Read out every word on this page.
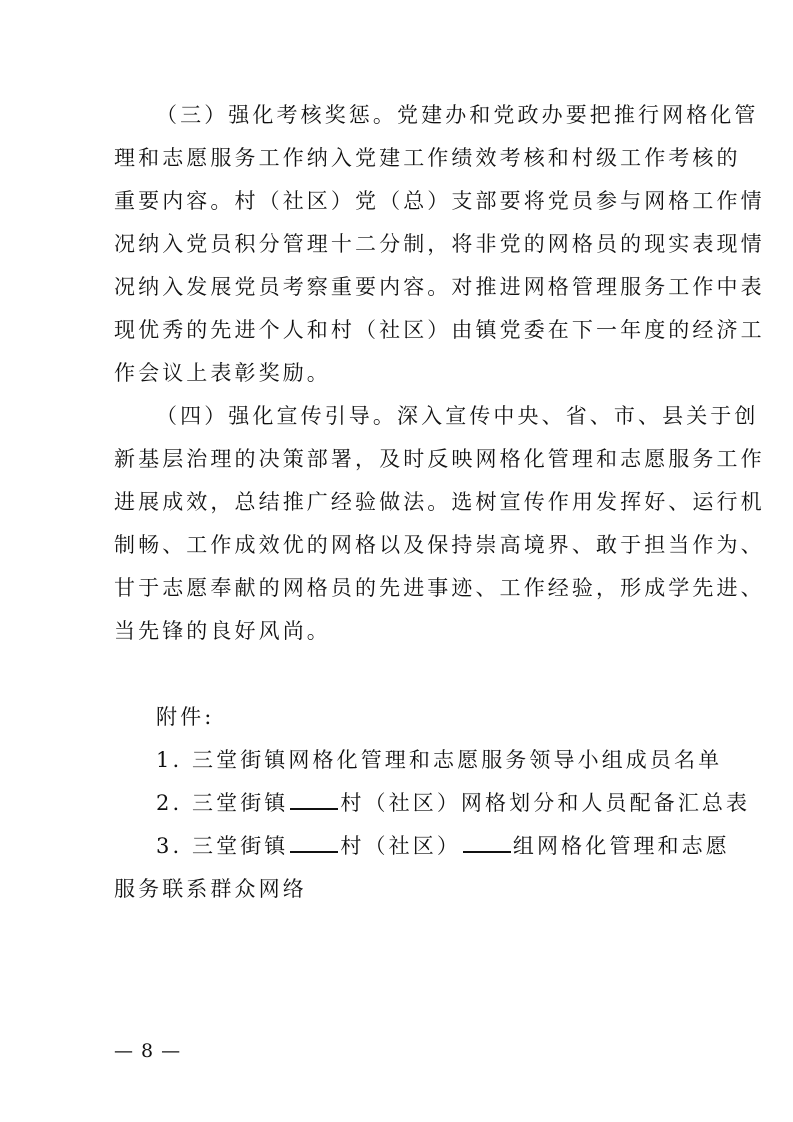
（三）强化考核奖惩。党建办和党政办要把推行网格化管
理和志愿服务工作纳入党建工作绩效考核和村级工作考核的
重要内容。村（社区）党（总）支部要将党员参与网格工作情
况纳入党员积分管理十二分制，将非党的网格员的现实表现情
况纳入发展党员考察重要内容。对推进网格管理服务工作中表
现优秀的先进个人和村（社区）由镇党委在下一年度的经济工
作会议上表彰奖励。
（四）强化宣传引导。深入宣传中央、省、市、县关于创
新基层治理的决策部署，及时反映网格化管理和志愿服务工作
进展成效，总结推广经验做法。选树宣传作用发挥好、运行机
制畅、工作成效优的网格以及保持崇高境界、敢于担当作为、
甘于志愿奉献的网格员的先进事迹、工作经验，形成学先进、
当先锋的良好风尚。
附件:
1. 三堂街镇网格化管理和志愿服务领导小组成员名单
2. 三堂街镇 村（社区）网格划分和人员配备汇总表
3. 三堂街镇 村（社区） 组网格化管理和志愿
服务联系群众网络
— 8 —
